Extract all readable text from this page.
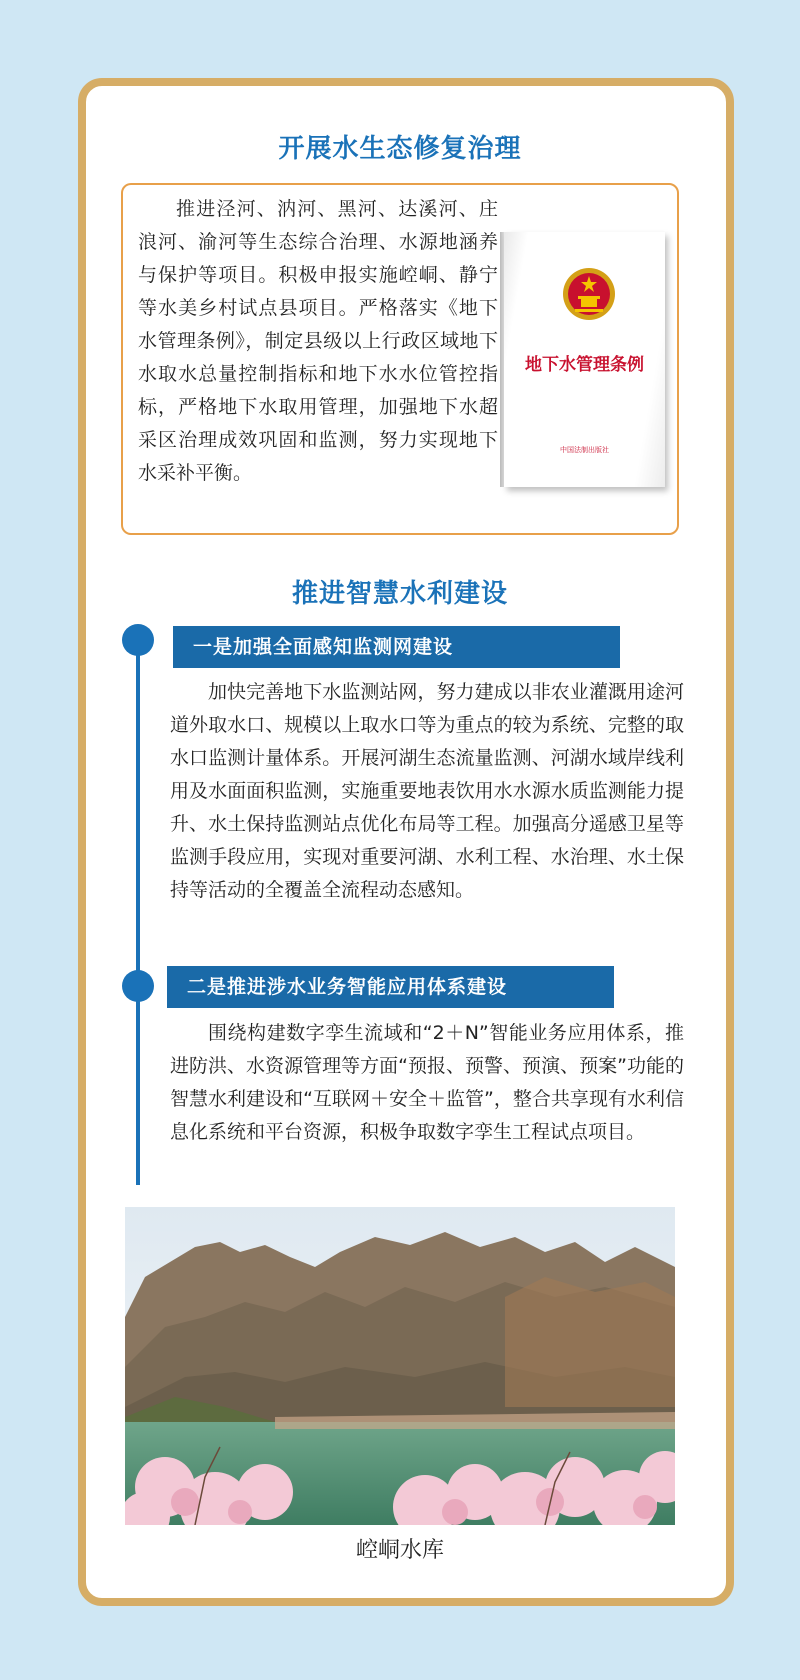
开展水生态修复治理
推进泾河、汭河、黑河、达溪河、庄浪河、渝河等生态综合治理、水源地涵养与保护等项目。积极申报实施崆峒、静宁等水美乡村试点县项目。严格落实《地下水管理条例》，制定县级以上行政区域地下水取水总量控制指标和地下水水位管控指标，严格地下水取用管理，加强地下水超采区治理成效巩固和监测，努力实现地下水采补平衡。
地下水管理条例
中国法制出版社
推进智慧水利建设
一是加强全面感知监测网建设
加快完善地下水监测站网，努力建成以非农业灌溉用途河道外取水口、规模以上取水口等为重点的较为系统、完整的取水口监测计量体系。开展河湖生态流量监测、河湖水域岸线利用及水面面积监测，实施重要地表饮用水水源水质监测能力提升、水土保持监测站点优化布局等工程。加强高分遥感卫星等监测手段应用，实现对重要河湖、水利工程、水治理、水土保持等活动的全覆盖全流程动态感知。
二是推进涉水业务智能应用体系建设
围绕构建数字孪生流域和“2＋N”智能业务应用体系，推进防洪、水资源管理等方面“预报、预警、预演、预案”功能的智慧水利建设和“互联网＋安全＋监管”，整合共享现有水利信息化系统和平台资源，积极争取数字孪生工程试点项目。
崆峒水库
